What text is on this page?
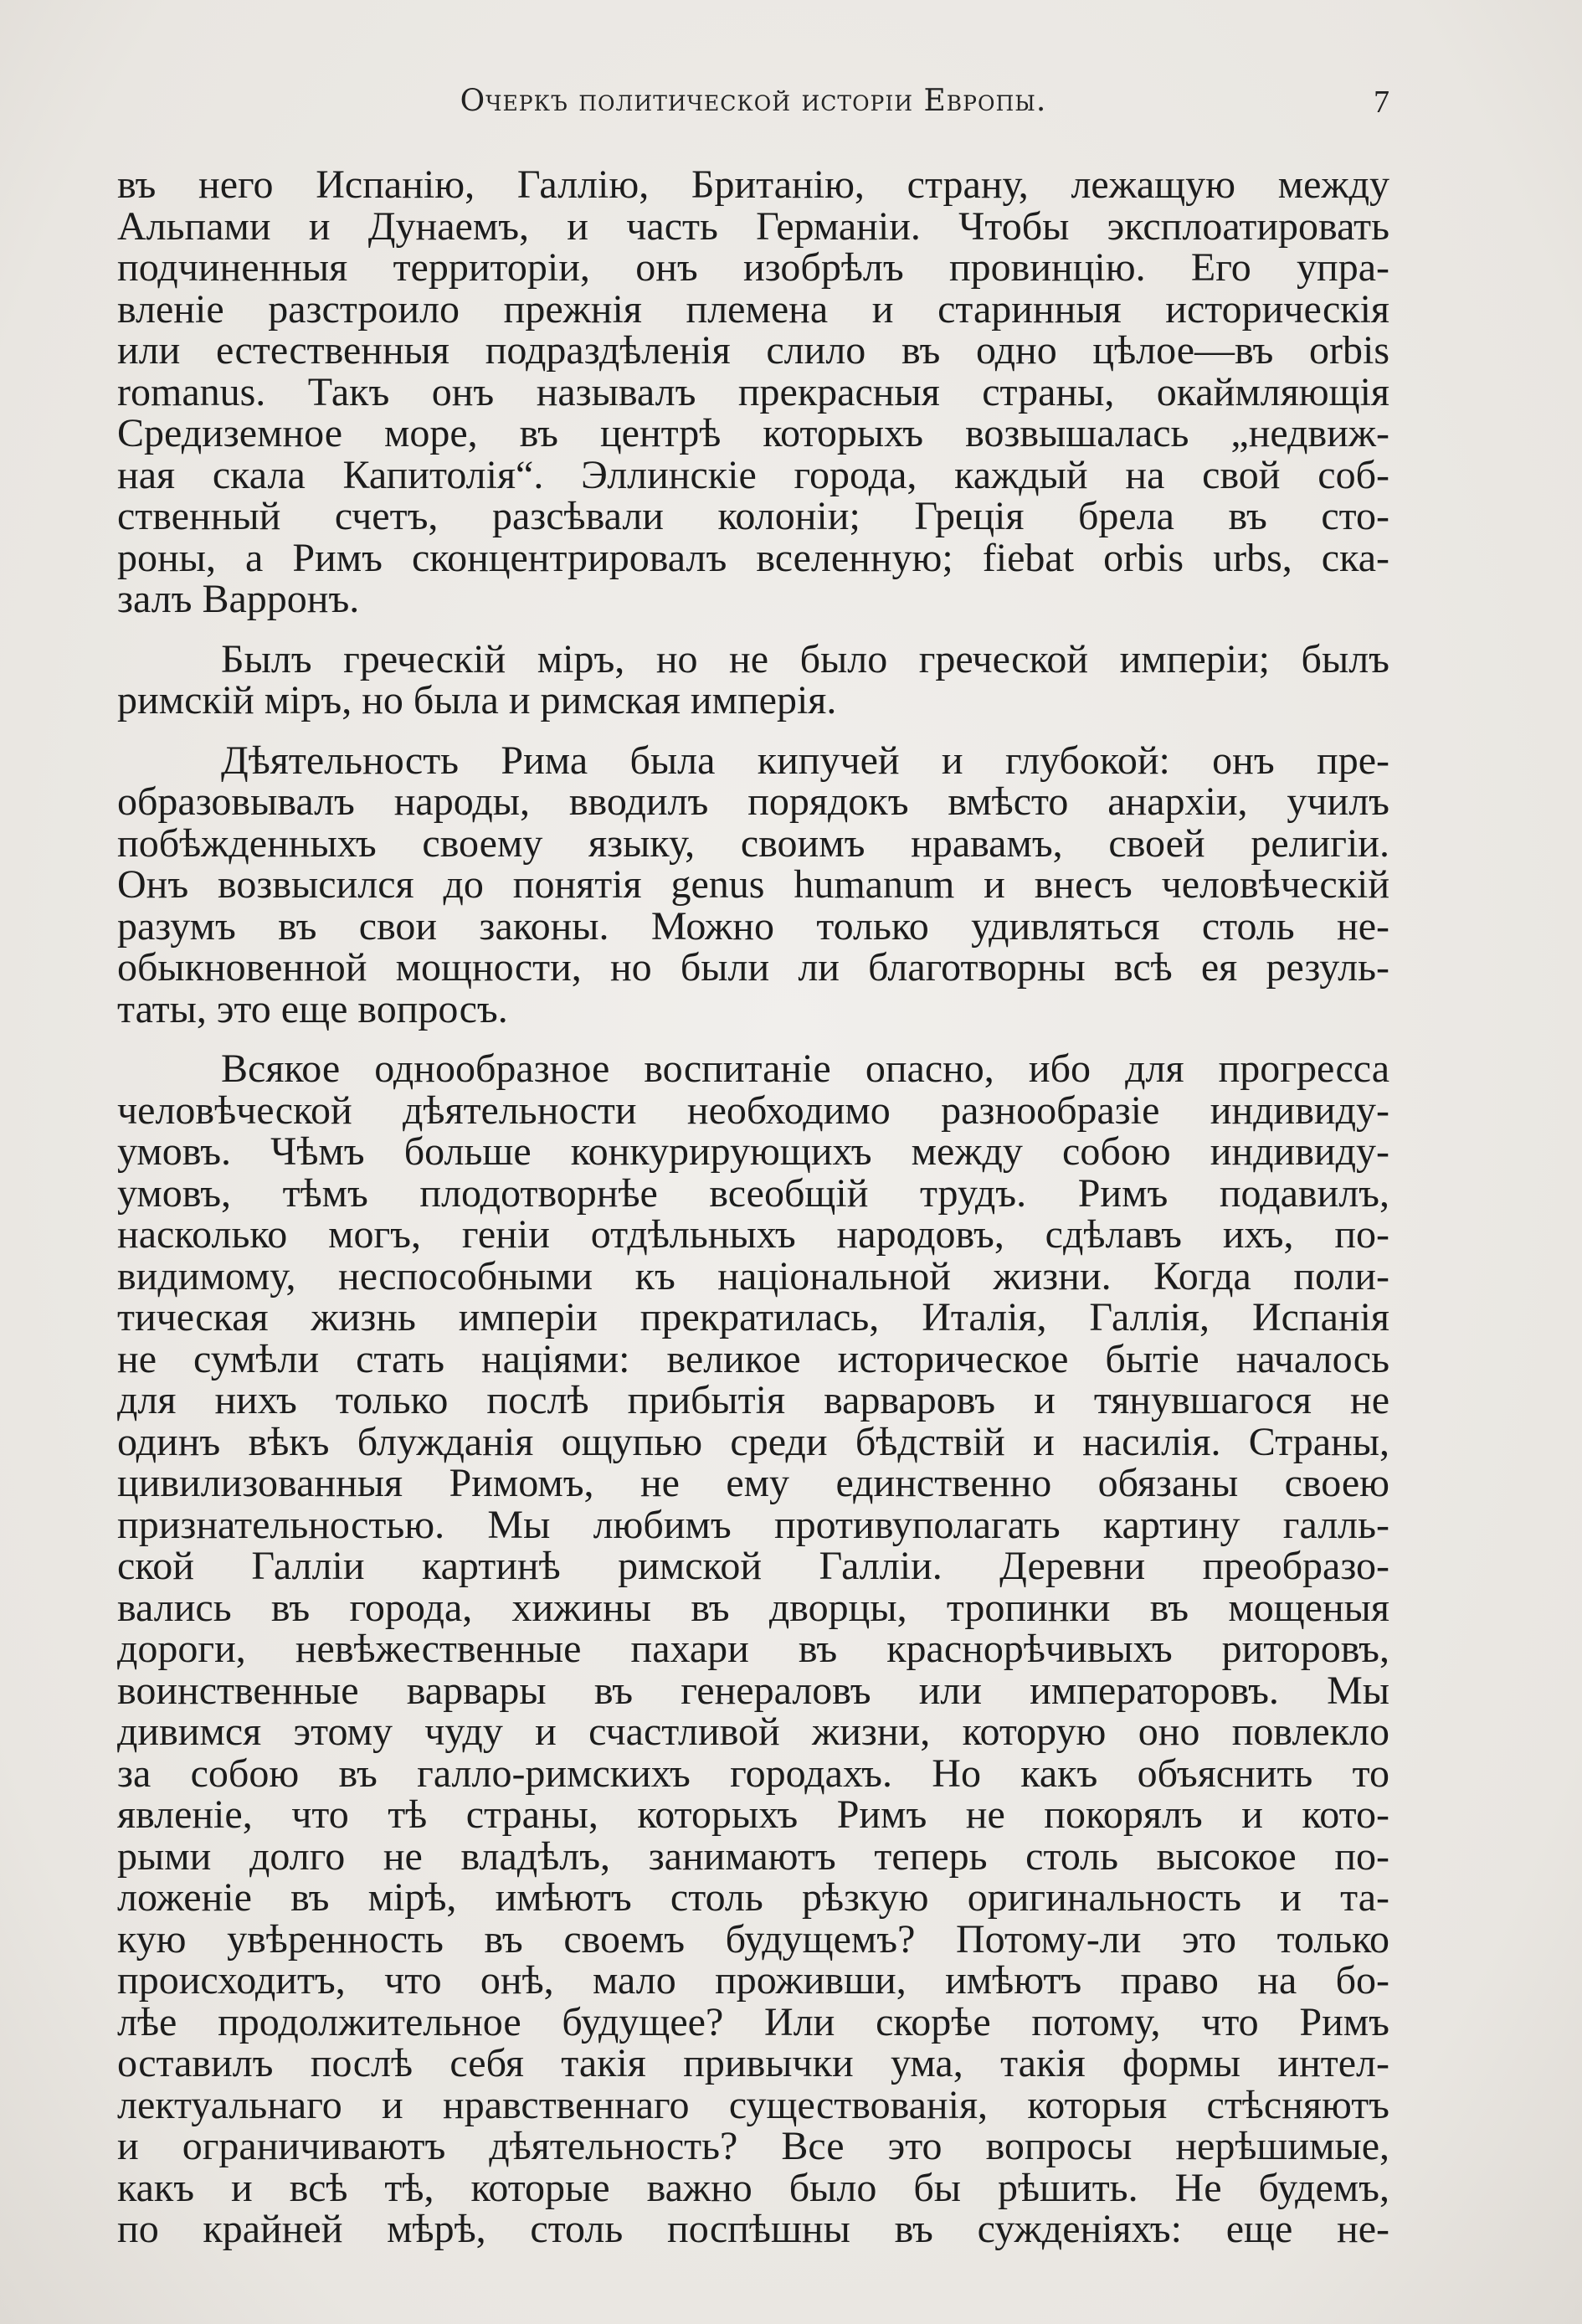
Очеркъ политической исторіи Европы.	7

въ него Испанію, Галлію, Британію, страну, лежащую между
Альпами и Дунаемъ, и часть Германіи. Чтобы эксплоатировать
подчиненныя территоріи, онъ изобрѣлъ провинцію. Его упра-
вленіе разстроило прежнія племена и старинныя историческія
или естественныя подраздѣленія слило въ одно цѣлое—въ orbis
romanus. Такъ онъ называлъ прекрасныя страны, окаймляющія
Средиземное море, въ центрѣ которыхъ возвышалась „недвиж-
ная скала Капитолія“. Эллинскіе города, каждый на свой соб-
ственный счетъ, разсѣвали колоніи; Греція брела въ сто-
роны, а Римъ сконцентрировалъ вселенную; fiebat orbis urbs, ска-
залъ Варронъ.

Былъ греческій міръ, но не было греческой имперіи; былъ
римскій міръ, но была и римская имперія.

Дѣятельность Рима была кипучей и глубокой: онъ пре-
образовывалъ народы, вводилъ порядокъ вмѣсто анархіи, училъ
побѣжденныхъ своему языку, своимъ нравамъ, своей религіи.
Онъ возвысился до понятія genus humanum и внесъ человѣческій
разумъ въ свои законы. Можно только удивляться столь не-
обыкновенной мощности, но были ли благотворны всѣ ея резуль-
таты, это еще вопросъ.

Всякое однообразное воспитаніе опасно, ибо для прогресса
человѣческой дѣятельности необходимо разнообразіе индивиду-
умовъ. Чѣмъ больше конкурирующихъ между собою индивиду-
умовъ, тѣмъ плодотворнѣе всеобщій трудъ. Римъ подавилъ,
насколько могъ, геніи отдѣльныхъ народовъ, сдѣлавъ ихъ, по-
видимому, неспособными къ національной жизни. Когда поли-
тическая жизнь имперіи прекратилась, Италія, Галлія, Испанія
не сумѣли стать націями: великое историческое бытіе началось
для нихъ только послѣ прибытія варваровъ и тянувшагося не
одинъ вѣкъ блужданія ощупью среди бѣдствій и насилія. Страны,
цивилизованныя Римомъ, не ему единственно обязаны своею
признательностью. Мы любимъ противуполагать картину галль-
ской Галліи картинѣ римской Галліи. Деревни преобразо-
вались въ города, хижины въ дворцы, тропинки въ мощеныя
дороги, невѣжественные пахари въ краснорѣчивыхъ риторовъ,
воинственные варвары въ генераловъ или императоровъ. Мы
дивимся этому чуду и счастливой жизни, которую оно повлекло
за собою въ галло-римскихъ городахъ. Но какъ объяснить то
явленіе, что тѣ страны, которыхъ Римъ не покорялъ и кото-
рыми долго не владѣлъ, занимаютъ теперь столь высокое по-
ложеніе въ мірѣ, имѣютъ столь рѣзкую оригинальность и та-
кую увѣренность въ своемъ будущемъ? Потому-ли это только
происходитъ, что онѣ, мало проживши, имѣютъ право на бо-
лѣе продолжительное будущее? Или скорѣе потому, что Римъ
оставилъ послѣ себя такія привычки ума, такія формы интел-
лектуальнаго и нравственнаго существованія, которыя стѣсняютъ
и ограничиваютъ дѣятельность? Все это вопросы нерѣшимые,
какъ и всѣ тѣ, которые важно было бы рѣшить. Не будемъ,
по крайней мѣрѣ, столь поспѣшны въ сужденіяхъ: еще не-
